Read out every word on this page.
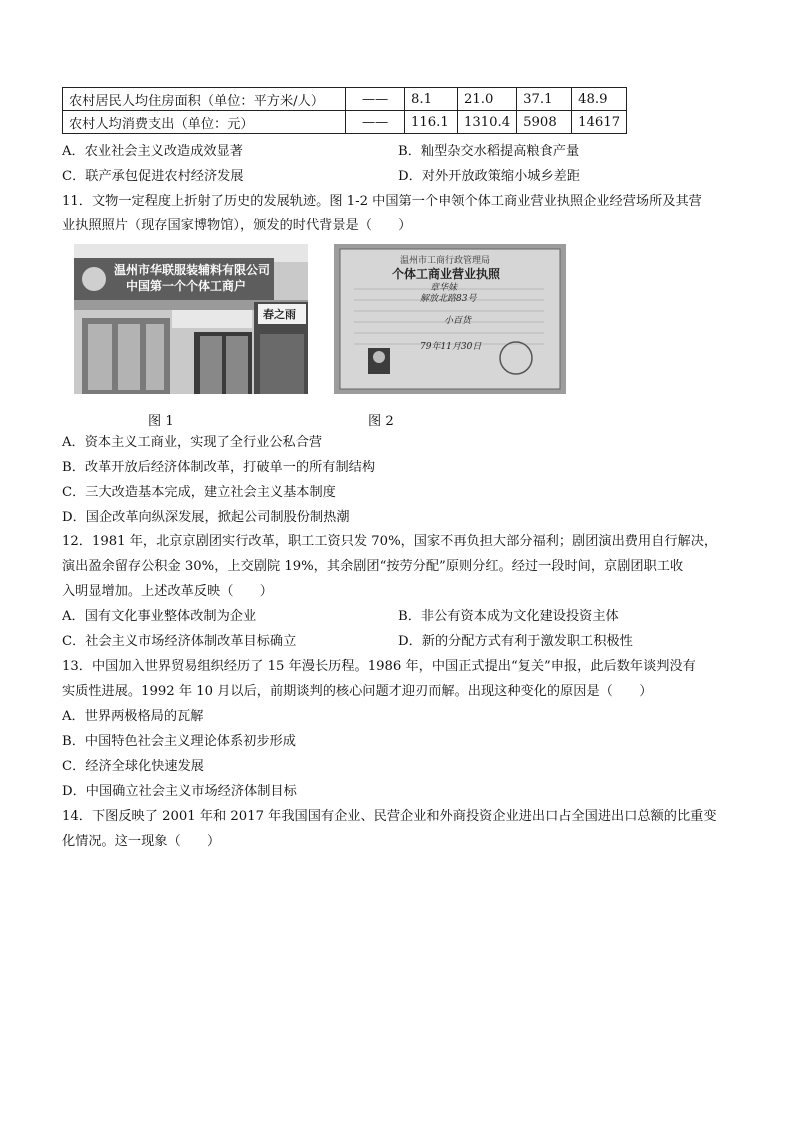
农村居民人均住房面积（单位：平方米/人）	——	8.1	21.0	37.1	48.9
农村人均消费支出（单位：元）	——	116.1	1310.4	5908	14617
A．农业社会主义改造成效显著	B．籼型杂交水稻提高粮食产量
C．联产承包促进农村经济发展	D．对外开放政策缩小城乡差距
11．文物一定程度上折射了历史的发展轨迹。图 1-2 中国第一个申领个体工商业营业执照企业经营场所及其营
业执照照片（现存国家博物馆），颁发的时代背景是（　　）
温州市华联服装辅料有限公司
中国第一个个体工商户
春之雨
温州市工商行政管理局
个体工商业营业执照
章华妹
解放北路83号
小百货
79年11月30日
图 1	图 2
A．资本主义工商业，实现了全行业公私合营
B．改革开放后经济体制改革，打破单一的所有制结构
C．三大改造基本完成，建立社会主义基本制度
D．国企改革向纵深发展，掀起公司制股份制热潮
12．1981 年，北京京剧团实行改革，职工工资只发 70%，国家不再负担大部分福利；剧团演出费用自行解决，
演出盈余留存公积金 30%，上交剧院 19%，其余剧团“按劳分配”原则分红。经过一段时间，京剧团职工收
入明显增加。上述改革反映（　　）
A．国有文化事业整体改制为企业	B．非公有资本成为文化建设投资主体
C．社会主义市场经济体制改革目标确立	D．新的分配方式有利于激发职工积极性
13．中国加入世界贸易组织经历了 15 年漫长历程。1986 年，中国正式提出“复关”申报，此后数年谈判没有
实质性进展。1992 年 10 月以后，前期谈判的核心问题才迎刃而解。出现这种变化的原因是（　　）
A．世界两极格局的瓦解
B．中国特色社会主义理论体系初步形成
C．经济全球化快速发展
D．中国确立社会主义市场经济体制目标
14．下图反映了 2001 年和 2017 年我国国有企业、民营企业和外商投资企业进出口占全国进出口总额的比重变
化情况。这一现象（　　）
